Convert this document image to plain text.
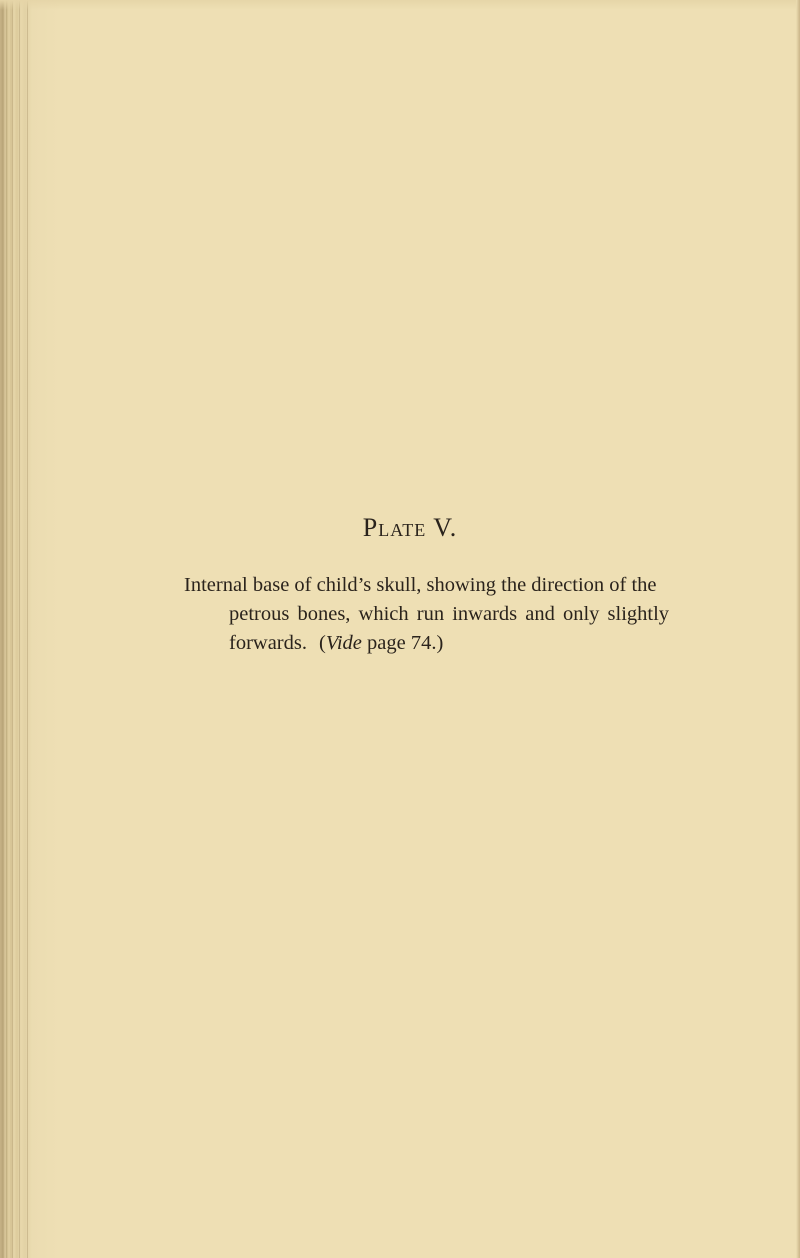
Plate V.

Internal base of child’s skull, showing the direction of the
petrous bones, which run inwards and only slightly
forwards. (Vide page 74.)
